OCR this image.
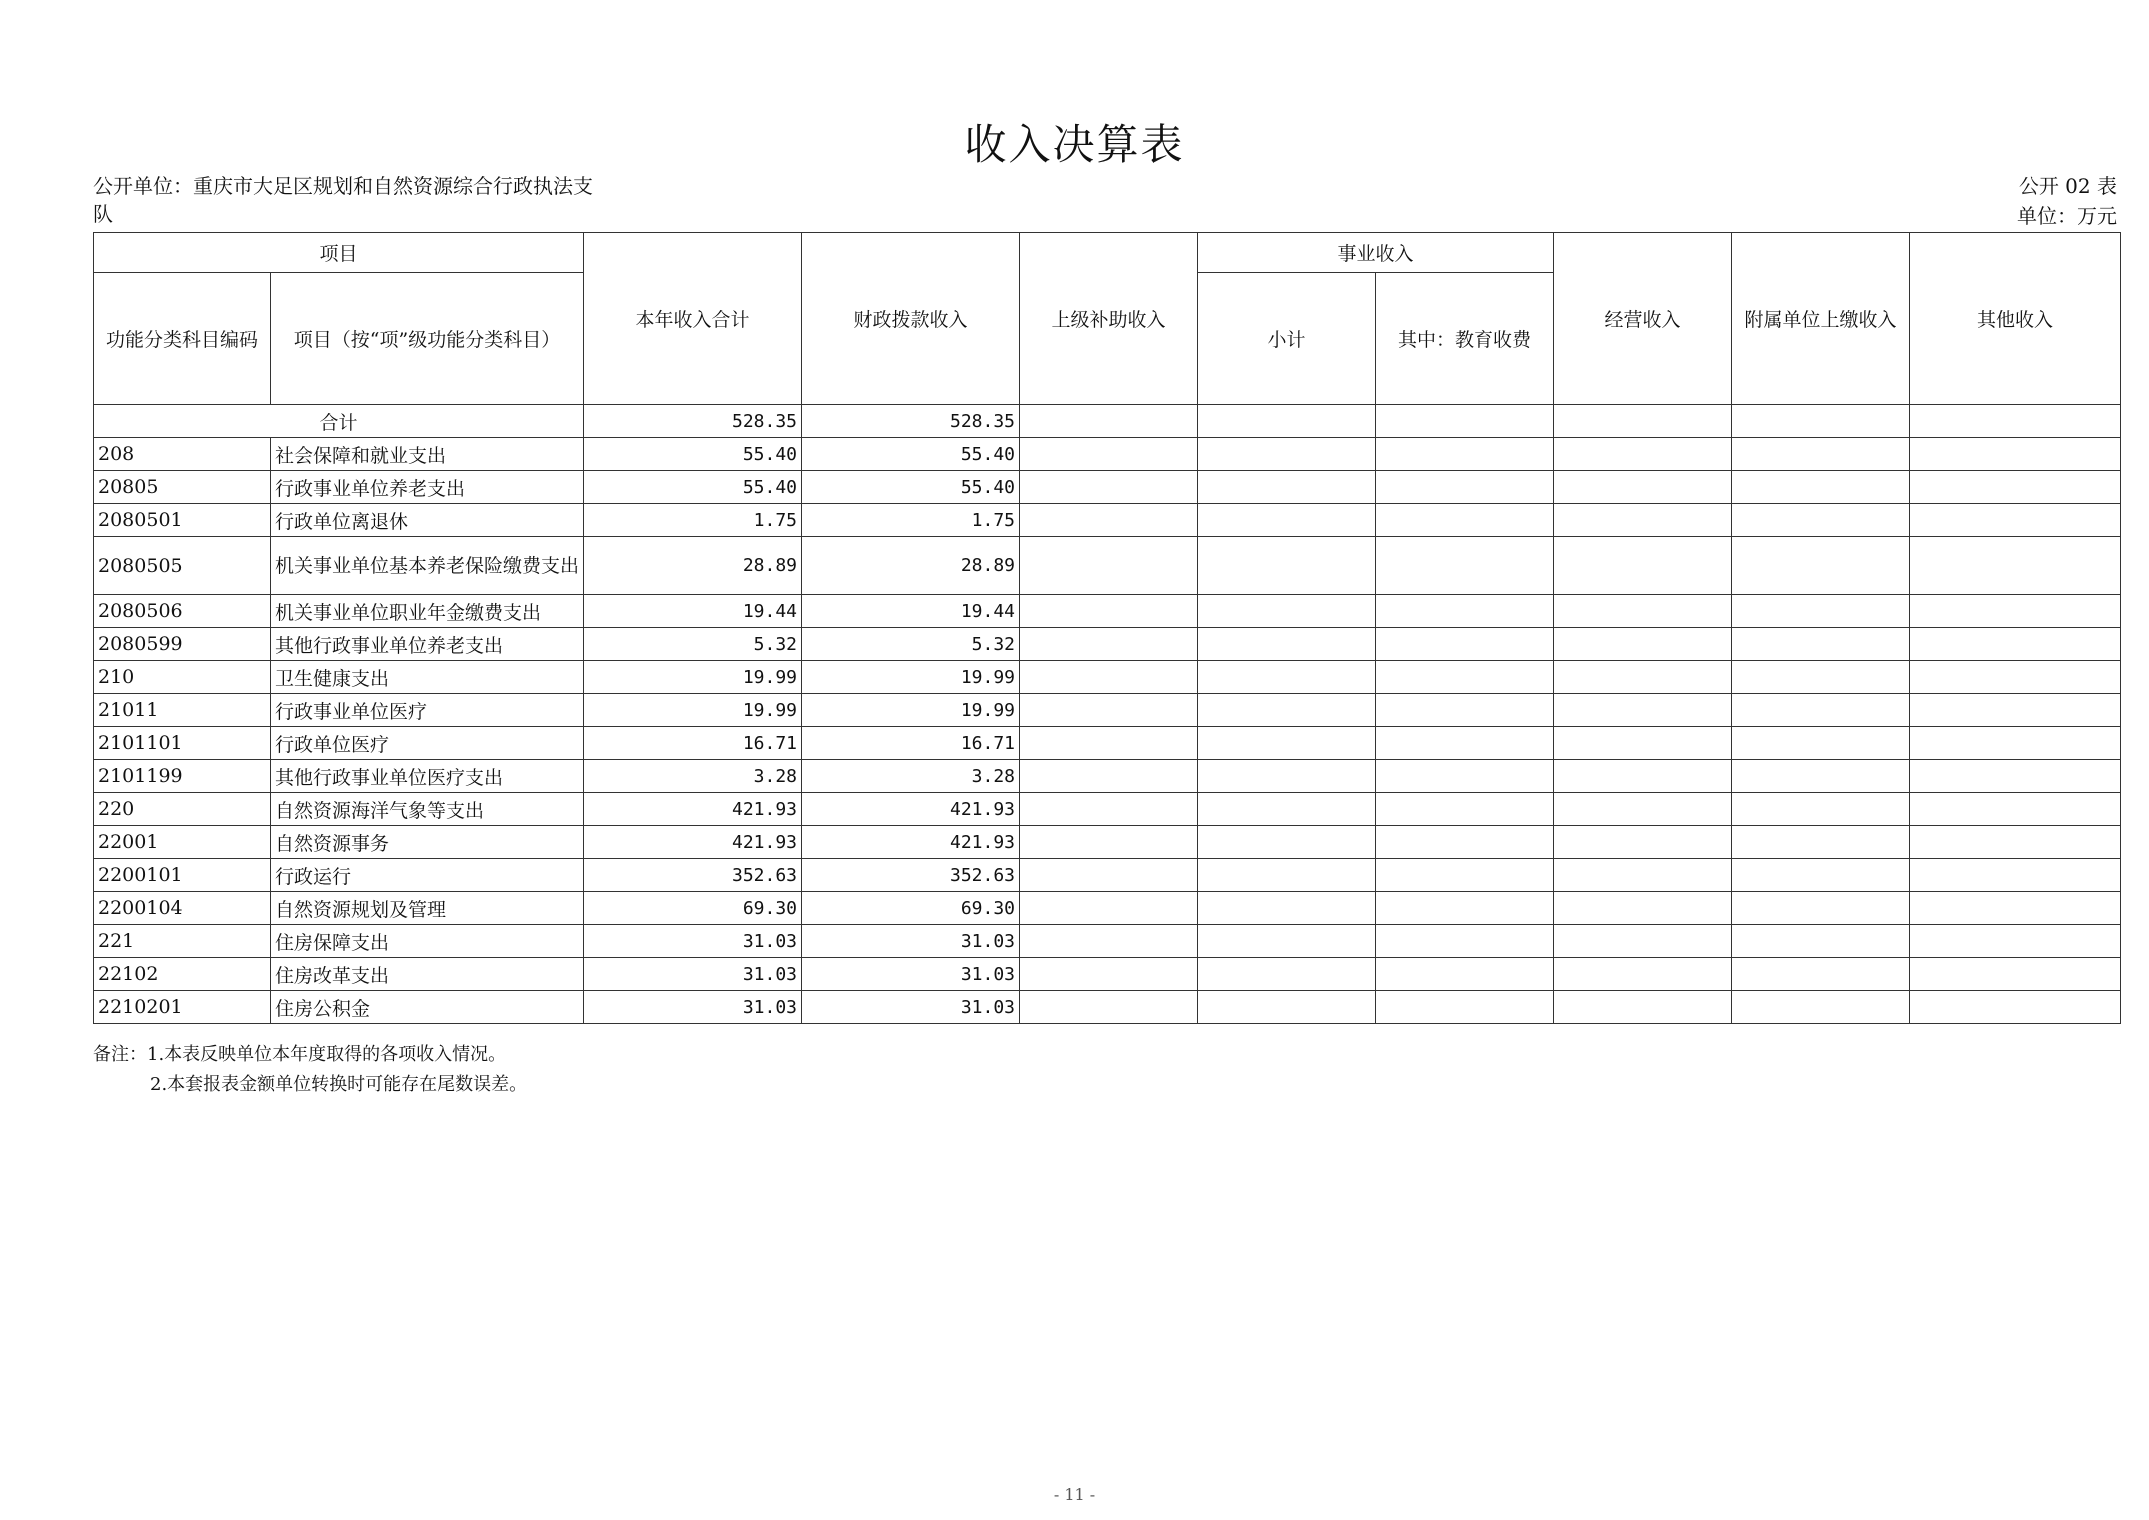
收入决算表
公开单位：重庆市大足区规划和自然资源综合行政执法支队
公开 02 表
单位：万元
项目		本年收入合计	财政拨款收入	上级补助收入	事业收入		经营收入	附属单位上缴收入	其他收入
功能分类科目编码	项目（按“项”级功能分类科目）				小计	其中：教育收费			
合计		528.35	528.35						
208	社会保障和就业支出	55.40	55.40						
20805	行政事业单位养老支出	55.40	55.40						
2080501	行政单位离退休	1.75	1.75						
2080505	机关事业单位基本养老保险缴费支出	28.89	28.89						
2080506	机关事业单位职业年金缴费支出	19.44	19.44						
2080599	其他行政事业单位养老支出	5.32	5.32						
210	卫生健康支出	19.99	19.99						
21011	行政事业单位医疗	19.99	19.99						
2101101	行政单位医疗	16.71	16.71						
2101199	其他行政事业单位医疗支出	3.28	3.28						
220	自然资源海洋气象等支出	421.93	421.93						
22001	自然资源事务	421.93	421.93						
2200101	行政运行	352.63	352.63						
2200104	自然资源规划及管理	69.30	69.30						
221	住房保障支出	31.03	31.03						
22102	住房改革支出	31.03	31.03						
2210201	住房公积金	31.03	31.03						
备注：1.本表反映单位本年度取得的各项收入情况。
2.本套报表金额单位转换时可能存在尾数误差。
- 11 -
